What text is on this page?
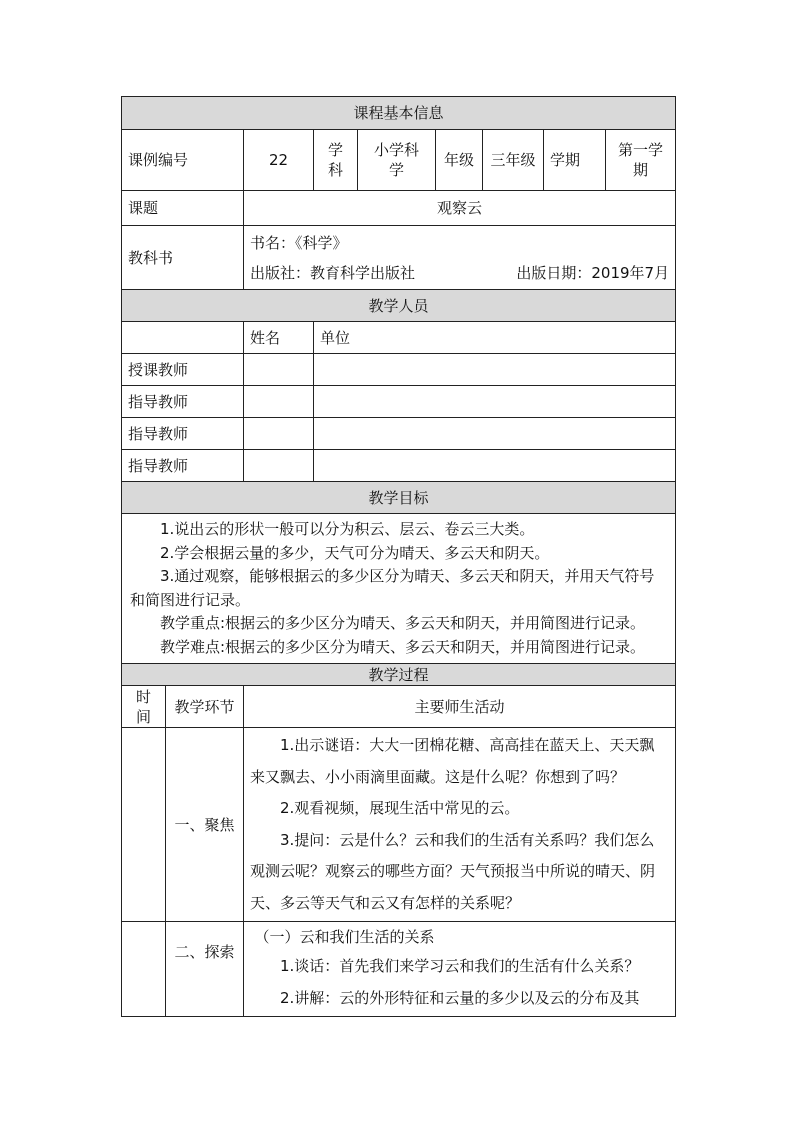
课程基本信息								
课例编号		22	学科	小学科学	年级	三年级	学期	第一学期
课题		观察云						
教科书		书名：《科学》
出版社：教育科学出版社 出版日期：2019年7月						

教学人员								
		姓名	单位					
授课教师								
指导教师								
指导教师								
指导教师								
教学目标								

1.说出云的形状一般可以分为积云、层云、卷云三大类。

2.学会根据云量的多少，天气可分为晴天、多云天和阴天。

3.通过观察，能够根据云的多少区分为晴天、多云天和阴天，并用天气符号和简图进行记录。

教学重点:根据云的多少区分为晴天、多云天和阴天，并用简图进行记录。

教学难点:根据云的多少区分为晴天、多云天和阴天，并用简图进行记录。								

教学过程								
时间	教学环节	主要师生活动						
	一、聚焦	1.出示谜语：大大一团棉花糖、高高挂在蓝天上、天天飘来又飘去、小小雨滴里面藏。这是什么呢？你想到了吗？

2.观看视频，展现生活中常见的云。

3.提问：云是什么？云和我们的生活有关系吗？我们怎么观测云呢？观察云的哪些方面？天气预报当中所说的晴天、阴天、多云等天气和云又有怎样的关系呢？						

	二、探索	（一）云和我们生活的关系

1.谈话：首先我们来学习云和我们的生活有什么关系？

2.讲解：云的外形特征和云量的多少以及云的分布及其						
